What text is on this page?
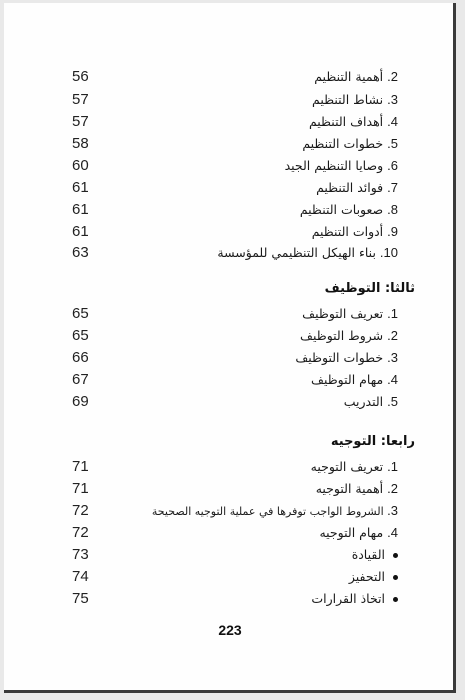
56	2. أهمية التنظيم
57	3. نشاط التنظيم
57	4. أهداف التنظيم
58	5. خطوات التنظيم
60	6. وصايا التنظيم الجيد
61	7. فوائد التنظيم
61	8. صعوبات التنظيم
61	9. أدوات التنظيم
63	10. بناء الهيكل التنظيمي للمؤسسة
ثالثا: التوظيف
65	1. تعريف التوظيف
65	2. شروط التوظيف
66	3. خطوات التوظيف
67	4. مهام التوظيف
69	5. التدريب
رابعا: التوجيه
71	1. تعريف التوجيه
71	2. أهمية التوجيه
72	3. الشروط الواجب توفرها في عملية التوجيه الصحيحة
72	4. مهام التوجيه
73	القيادة
74	التحفيز
75	اتخاذ القرارات
223
